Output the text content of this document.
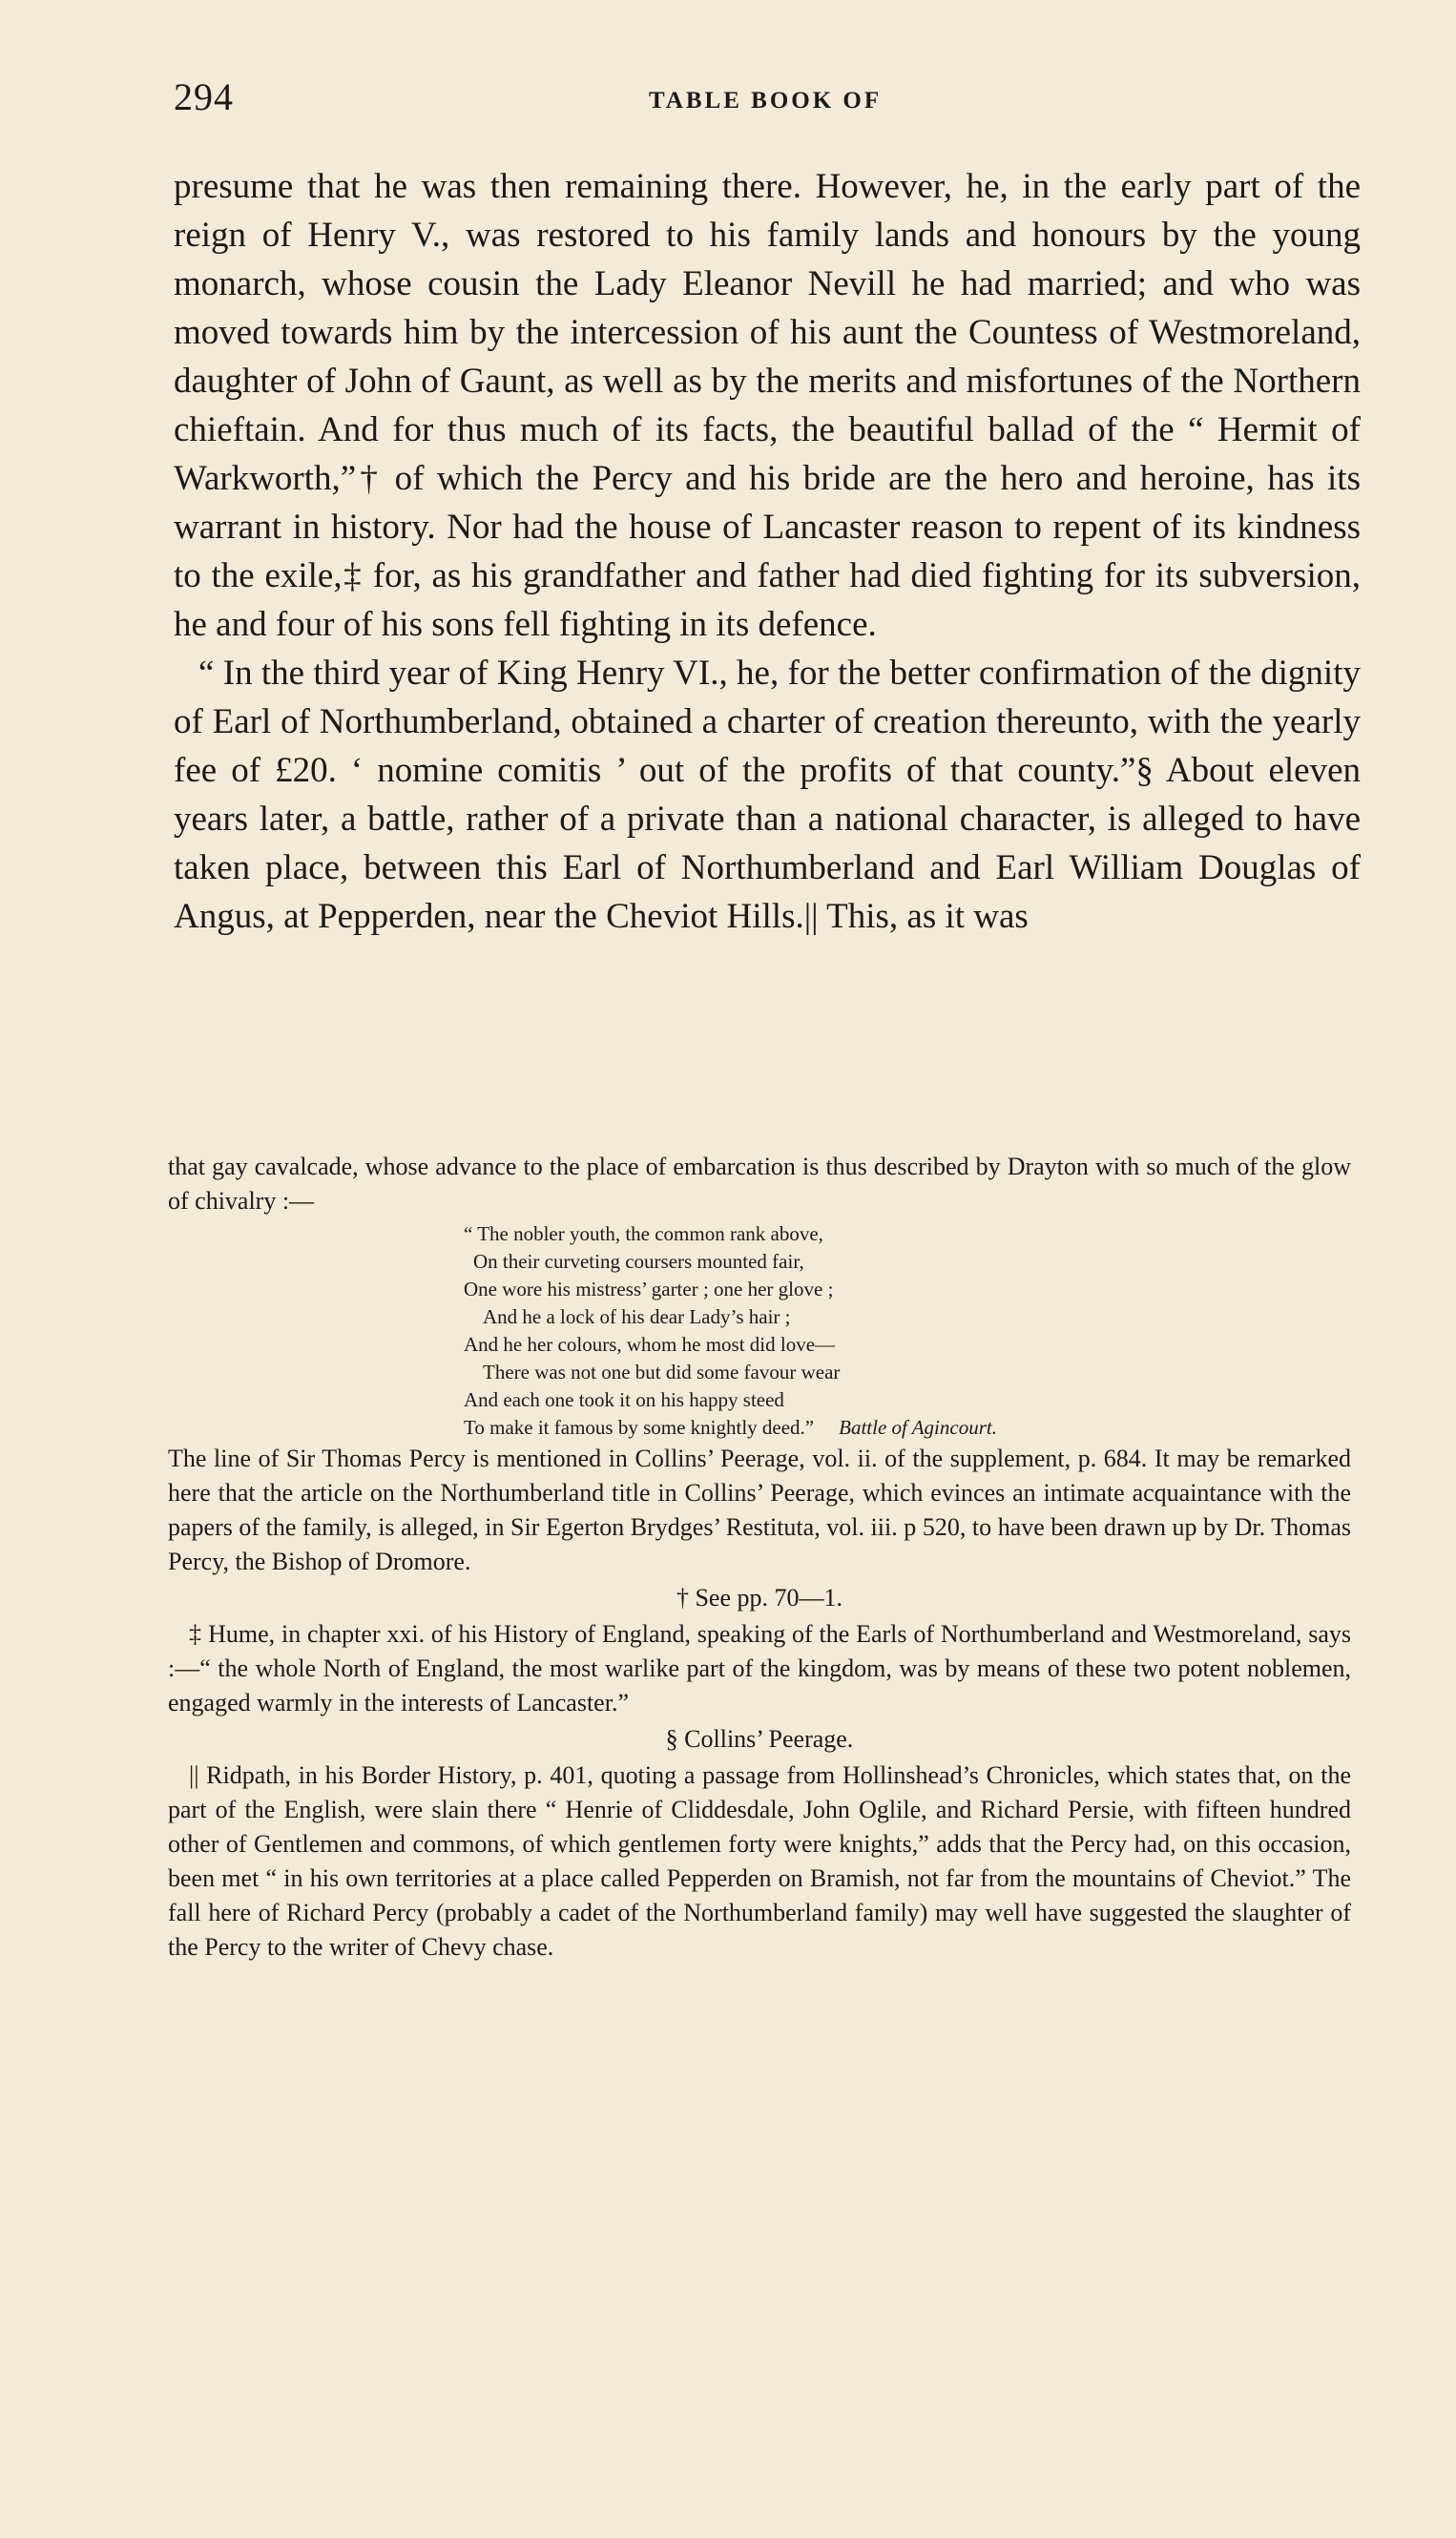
294	TABLE BOOK OF

presume that he was then remaining there. However, he, in the early part of the reign of Henry V., was restored to his family lands and honours by the young monarch, whose cousin the Lady Eleanor Nevill he had married; and who was moved towards him by the intercession of his aunt the Countess of Westmoreland, daughter of John of Gaunt, as well as by the merits and misfortunes of the Northern chieftain. And for thus much of its facts, the beautiful ballad of the “ Hermit of Warkworth,”† of which the Percy and his bride are the hero and heroine, has its warrant in history. Nor had the house of Lancaster reason to repent of its kindness to the exile,‡ for, as his grandfather and father had died fighting for its subversion, he and four of his sons fell fighting in its defence.

“ In the third year of King Henry VI., he, for the better confirmation of the dignity of Earl of Northumberland, obtained a charter of creation thereunto, with the yearly fee of £20. ‘ nomine comitis ’ out of the profits of that county.”§ About eleven years later, a battle, rather of a private than a national character, is alleged to have taken place, between this Earl of Northumberland and Earl William Douglas of Angus, at Pepperden, near the Cheviot Hills.|| This, as it was

that gay cavalcade, whose advance to the place of embarcation is thus described by Drayton with so much of the glow of chivalry :—

“ The nobler youth, the common rank above,
On their curveting coursers mounted fair,
One wore his mistress’ garter ; one her glove ;
And he a lock of his dear Lady’s hair ;
And he her colours, whom he most did love—
There was not one but did some favour wear
And each one took it on his happy steed
To make it famous by some knightly deed.” Battle of Agincourt.

The line of Sir Thomas Percy is mentioned in Collins’ Peerage, vol. ii. of the supplement, p. 684. It may be remarked here that the article on the Northumberland title in Collins’ Peerage, which evinces an intimate acquaintance with the papers of the family, is alleged, in Sir Egerton Brydges’ Restituta, vol. iii. p 520, to have been drawn up by Dr. Thomas Percy, the Bishop of Dromore.

† See pp. 70—1.

‡ Hume, in chapter xxi. of his History of England, speaking of the Earls of Northumberland and Westmoreland, says :—“ the whole North of England, the most warlike part of the kingdom, was by means of these two potent noblemen, engaged warmly in the interests of Lancaster.”

§ Collins’ Peerage.

|| Ridpath, in his Border History, p. 401, quoting a passage from Hollinshead’s Chronicles, which states that, on the part of the English, were slain there “ Henrie of Cliddesdale, John Oglile, and Richard Persie, with fifteen hundred other of Gentlemen and commons, of which gentlemen forty were knights,” adds that the Percy had, on this occasion, been met “ in his own territories at a place called Pepperden on Bramish, not far from the mountains of Cheviot.” The fall here of Richard Percy (probably a cadet of the Northumberland family) may well have suggested the slaughter of the Percy to the writer of Chevy chase.
